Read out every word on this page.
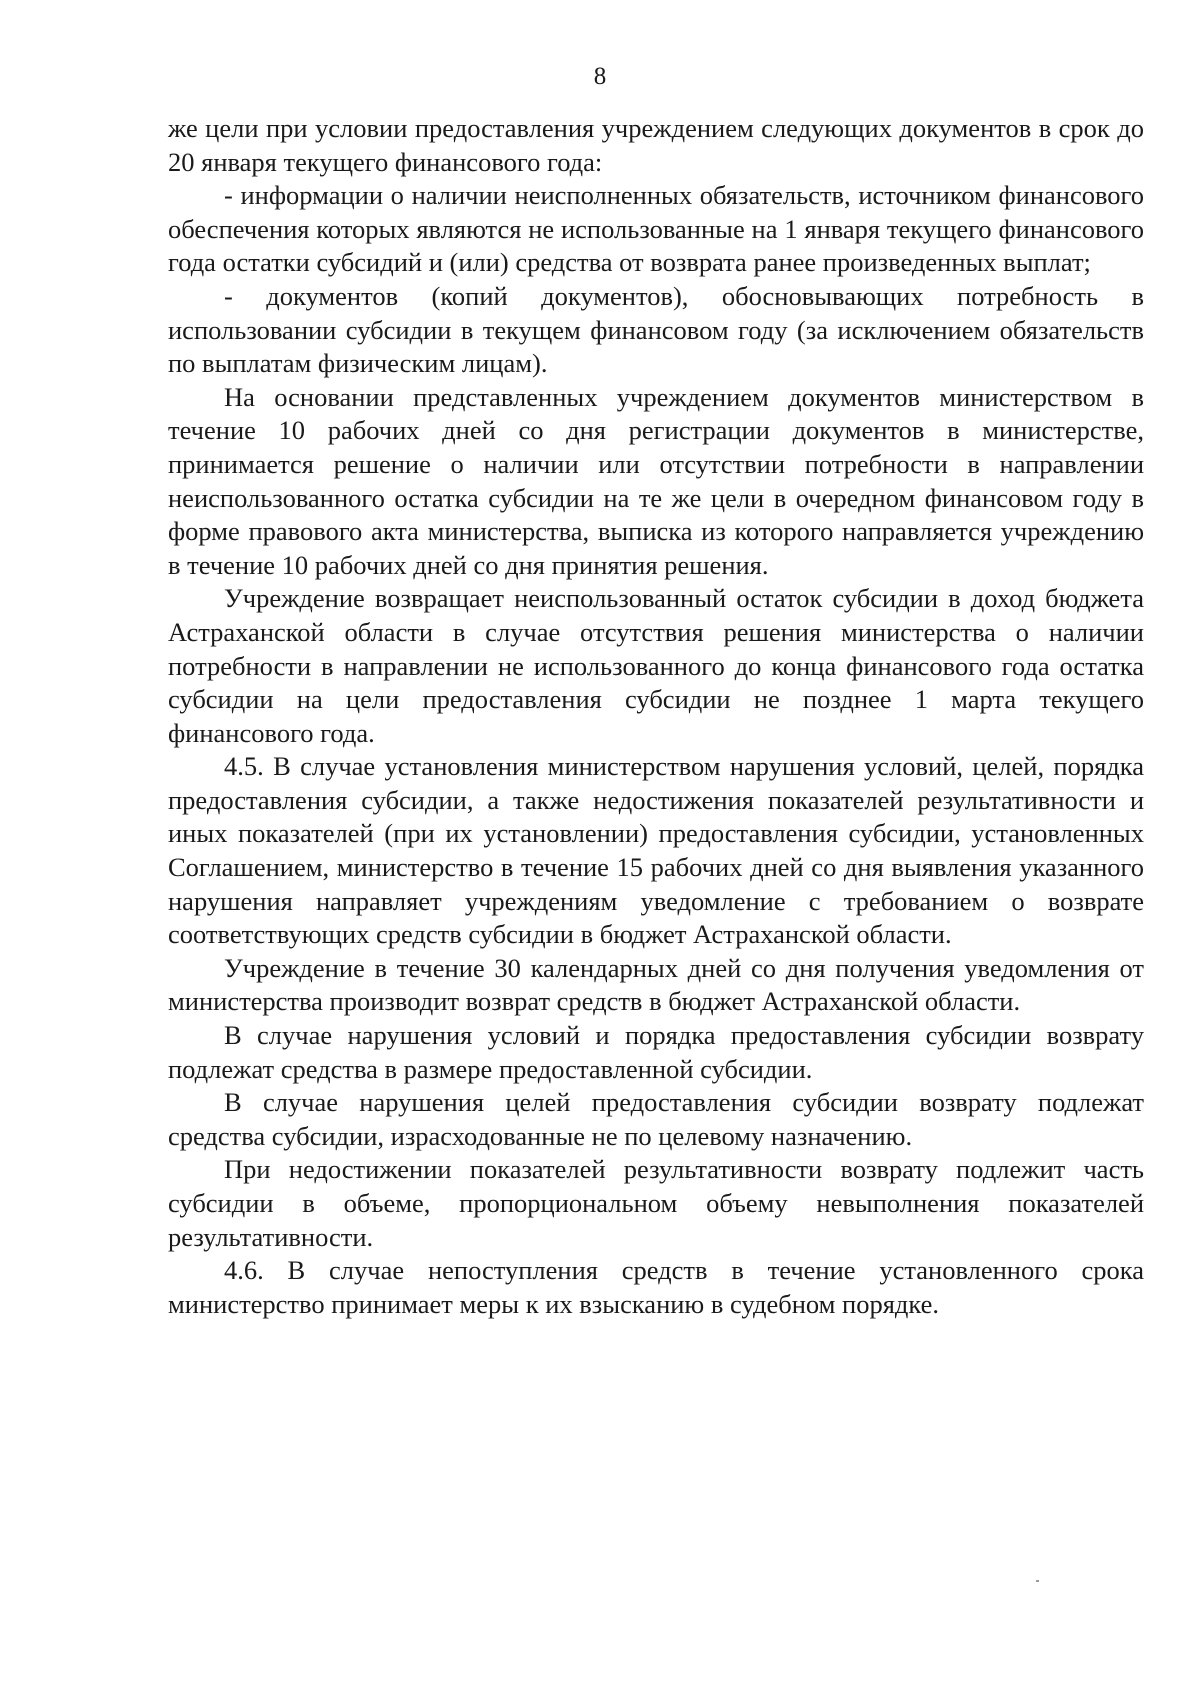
8

же цели при условии предоставления учреждением следующих документов в срок до 20 января текущего финансового года:

- информации о наличии неисполненных обязательств, источником финансового обеспечения которых являются не использованные на 1 января текущего финансового года остатки субсидий и (или) средства от возврата ранее произведенных выплат;

- документов (копий документов), обосновывающих потребность в использовании субсидии в текущем финансовом году (за исключением обязательств по выплатам физическим лицам).

На основании представленных учреждением документов министерством в течение 10 рабочих дней со дня регистрации документов в министерстве, принимается решение о наличии или отсутствии потребности в направлении неиспользованного остатка субсидии на те же цели в очередном финансовом году в форме правового акта министерства, выписка из которого направляется учреждению в течение 10 рабочих дней со дня принятия решения.

Учреждение возвращает неиспользованный остаток субсидии в доход бюджета Астраханской области в случае отсутствия решения министерства о наличии потребности в направлении не использованного до конца финансового года остатка субсидии на цели предоставления субсидии не позднее 1 марта текущего финансового года.

4.5. В случае установления министерством нарушения условий, целей, порядка предоставления субсидии, а также недостижения показателей результативности и иных показателей (при их установлении) предоставления субсидии, установленных Соглашением, министерство в течение 15 рабочих дней со дня выявления указанного нарушения направляет учреждениям уведомление с требованием о возврате соответствующих средств субсидии в бюджет Астраханской области.

Учреждение в течение 30 календарных дней со дня получения уведомления от министерства производит возврат средств в бюджет Астраханской области.

В случае нарушения условий и порядка предоставления субсидии возврату подлежат средства в размере предоставленной субсидии.

В случае нарушения целей предоставления субсидии возврату подлежат средства субсидии, израсходованные не по целевому назначению.

При недостижении показателей результативности возврату подлежит часть субсидии в объеме, пропорциональном объему невыполнения показателей результативности.

4.6. В случае непоступления средств в течение установленного срока министерство принимает меры к их взысканию в судебном порядке.
